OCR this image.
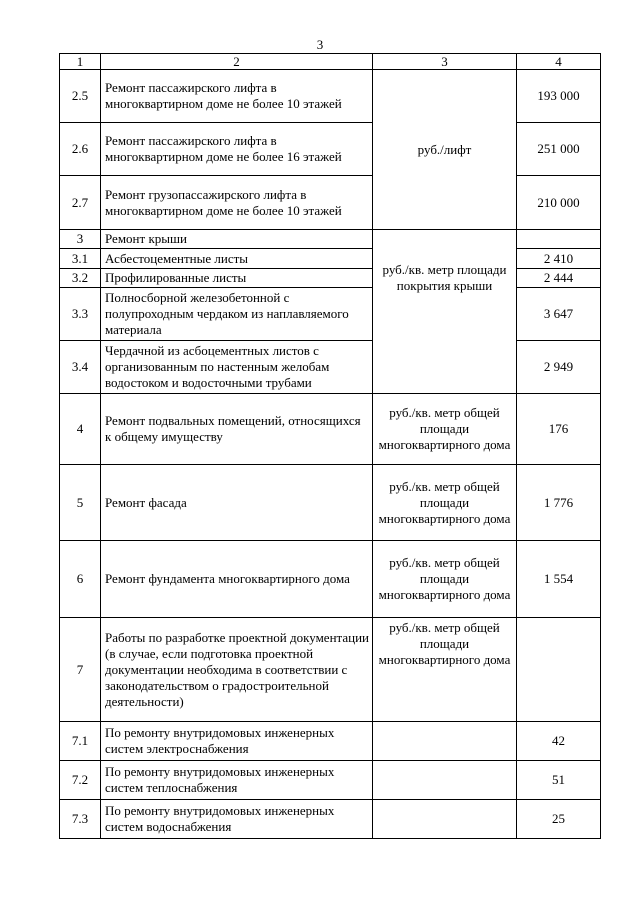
3
1	2	3	4
2.5	Ремонт пассажирского лифта в многоквартирном доме не более 10 этажей	руб./лифт	193 000
2.6	Ремонт пассажирского лифта в многоквартирном доме не более 16 этажей		251 000
2.7	Ремонт грузопассажирского лифта в многоквартирном доме не более 10 этажей		210 000
3	Ремонт крыши	руб./кв. метр площади покрытия крыши	
3.1	Асбестоцементные листы		2 410
3.2	Профилированные листы		2 444
3.3	Полносборной железобетонной с полупроходным чердаком из наплавляемого материала		3 647
3.4	Чердачной из асбоцементных листов с организованным по настенным желобам водостоком и водосточными трубами		2 949
4	Ремонт подвальных помещений, относящихся к общему имуществу	руб./кв. метр общей площади многоквартирного дома	176
5	Ремонт фасада	руб./кв. метр общей площади многоквартирного дома	1 776
6	Ремонт фундамента многоквартирного дома	руб./кв. метр общей площади многоквартирного дома	1 554
7	Работы по разработке проектной документации (в случае, если подготовка проектной документации необходима в соответствии с законодательством о градостроительной деятельности)	руб./кв. метр общей площади многоквартирного дома	
7.1	По ремонту внутридомовых инженерных систем электроснабжения		42
7.2	По ремонту внутридомовых инженерных систем теплоснабжения		51
7.3	По ремонту внутридомовых инженерных систем водоснабжения		25
